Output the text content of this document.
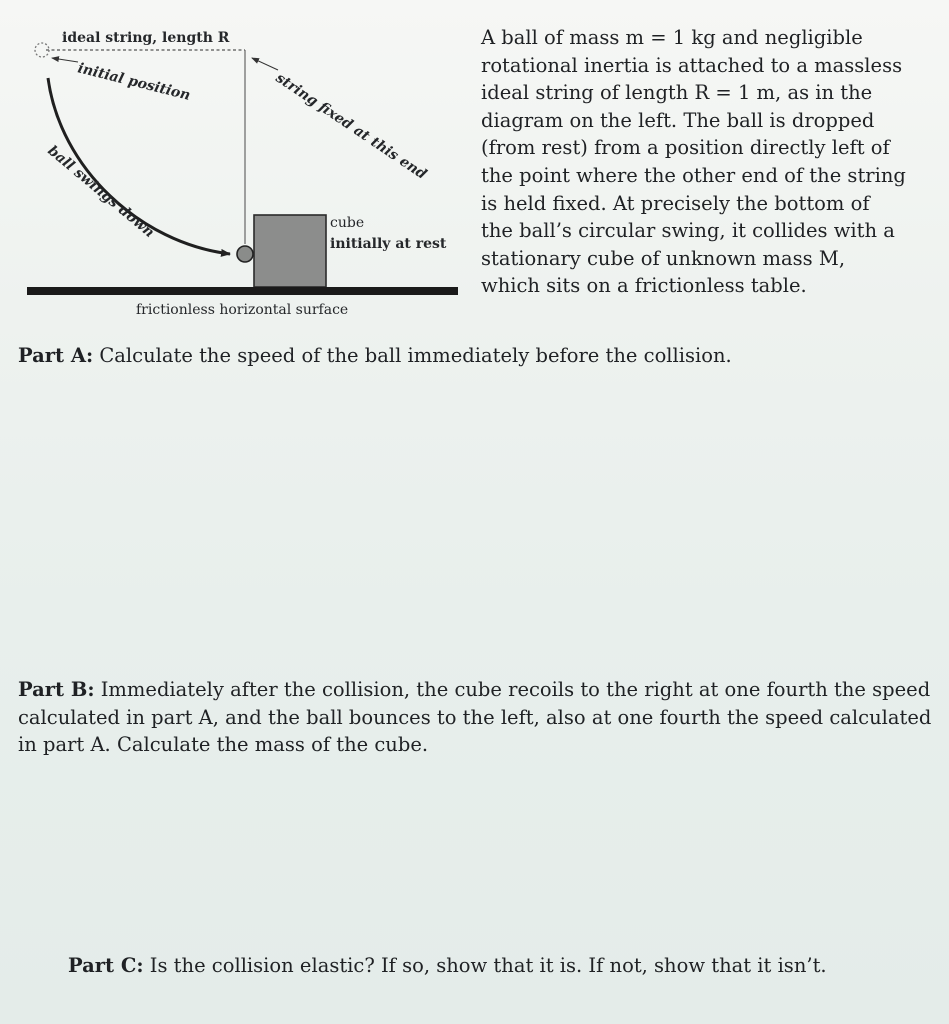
ideal string, length R
initial position	string fixed at this end
ball swings down	cube
initially at rest
frictionless horizontal surface
A ball of mass m = 1 kg and negligible
rotational inertia is attached to a massless
ideal string of length R = 1 m, as in the
diagram on the left. The ball is dropped
(from rest) from a position directly left of
the point where the other end of the string
is held fixed. At precisely the bottom of
the ball’s circular swing, it collides with a
stationary cube of unknown mass M,
which sits on a frictionless table.
Part A: Calculate the speed of the ball immediately before the collision.
Part B: Immediately after the collision, the cube recoils to the right at one fourth the speed
calculated in part A, and the ball bounces to the left, also at one fourth the speed calculated
in part A. Calculate the mass of the cube.
Part C: Is the collision elastic? If so, show that it is. If not, show that it isn’t.
